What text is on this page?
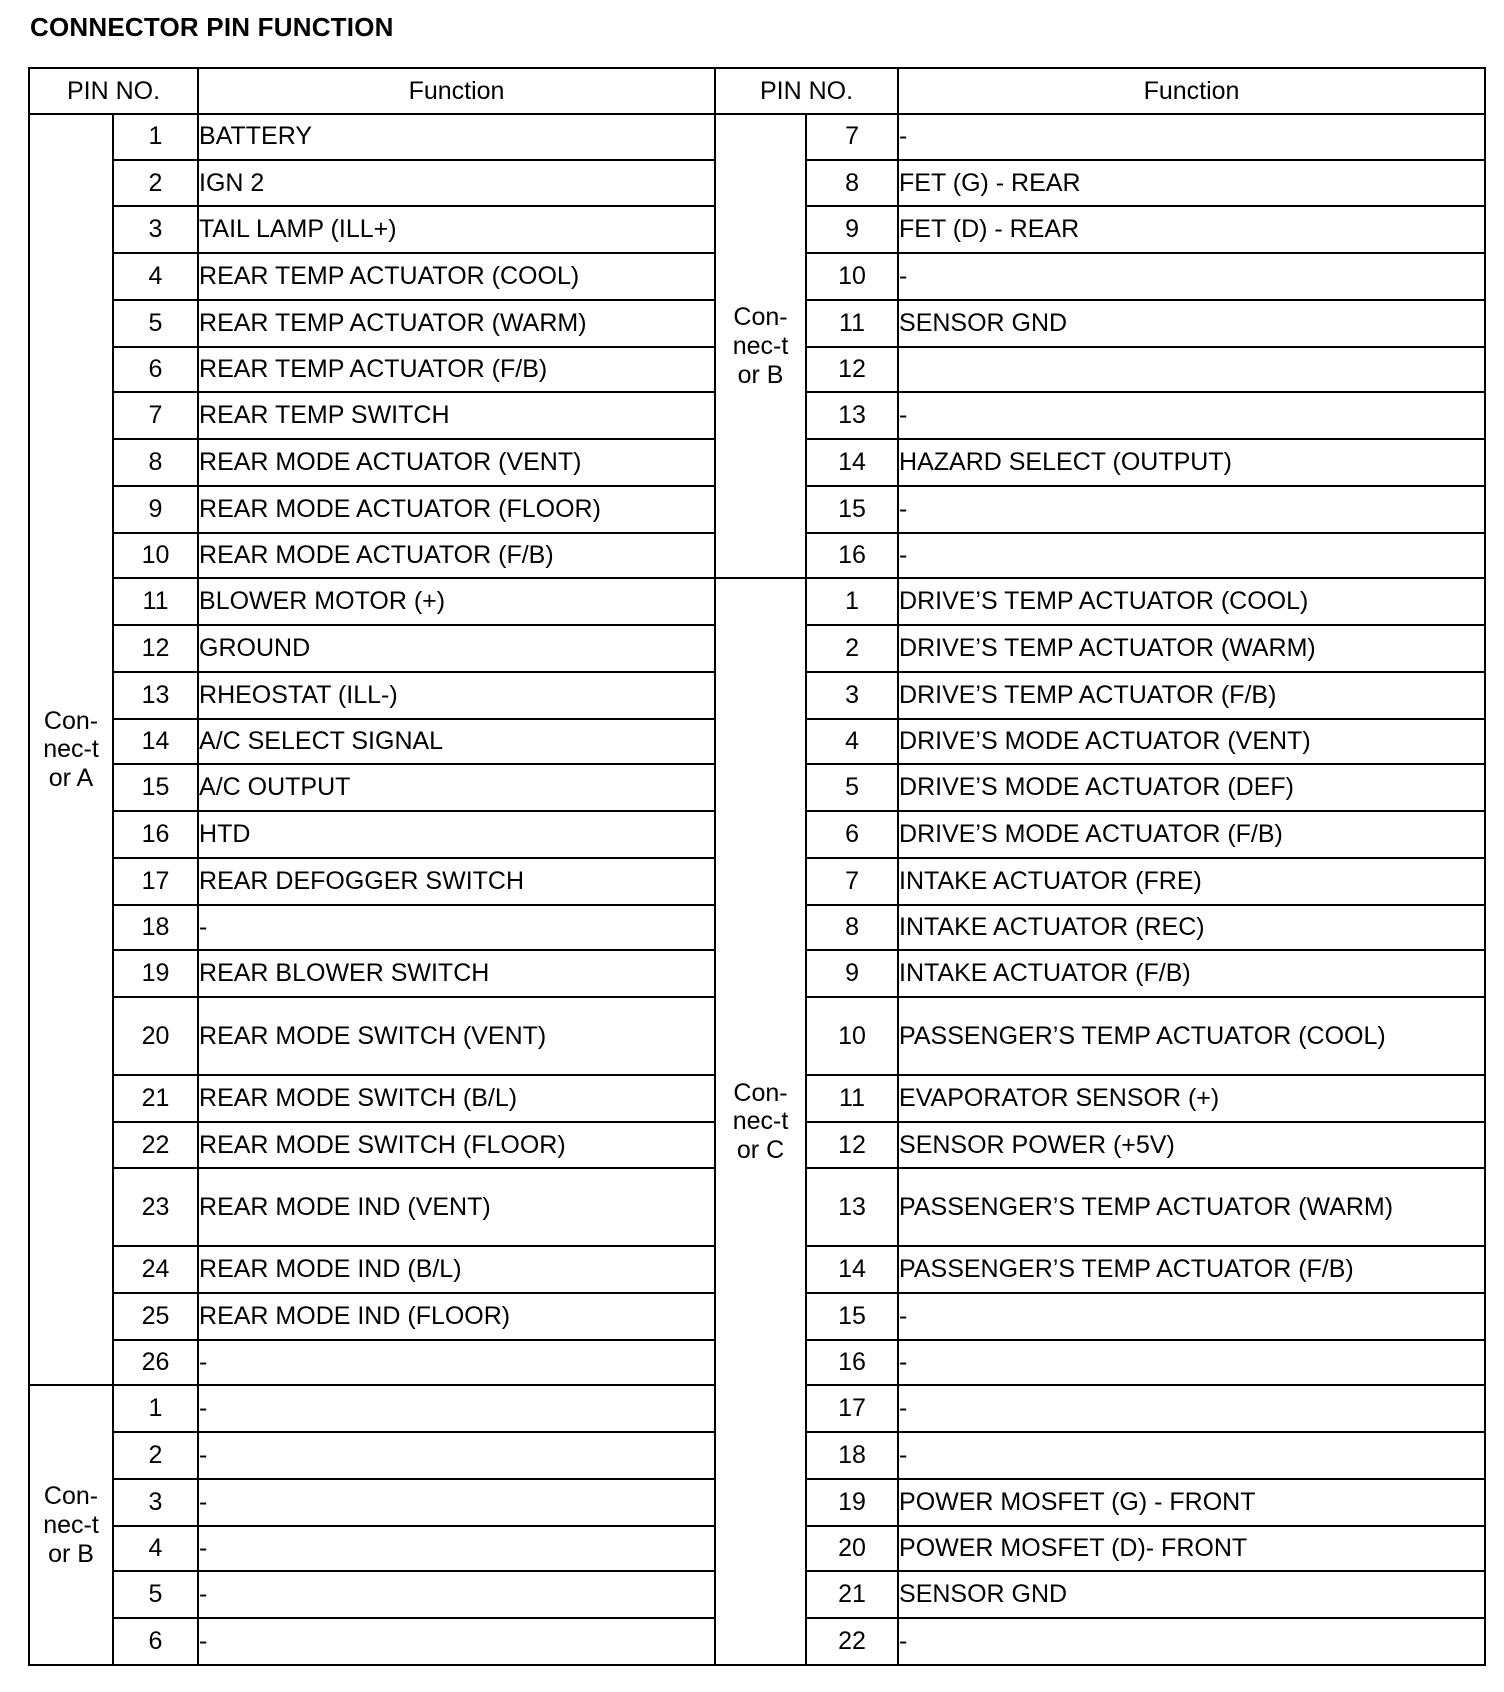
CONNECTOR PIN FUNCTION
PIN NO.		Function	PIN NO.		Function
Con-nec-tor A	1	BATTERY	Con-nec-tor B	7	-
	2	IGN 2		8	FET (G) - REAR
	3	TAIL LAMP (ILL+)		9	FET (D) - REAR
	4	REAR TEMP ACTUATOR (COOL)		10	-
	5	REAR TEMP ACTUATOR (WARM)		11	SENSOR GND
	6	REAR TEMP ACTUATOR (F/B)		12	
	7	REAR TEMP SWITCH		13	-
	8	REAR MODE ACTUATOR (VENT)		14	HAZARD SELECT (OUTPUT)
	9	REAR MODE ACTUATOR (FLOOR)		15	-
	10	REAR MODE ACTUATOR (F/B)		16	-
	11	BLOWER MOTOR (+)	Con-nec-tor C	1	DRIVE’S TEMP ACTUATOR (COOL)
	12	GROUND		2	DRIVE’S TEMP ACTUATOR (WARM)
	13	RHEOSTAT (ILL-)		3	DRIVE’S TEMP ACTUATOR (F/B)
	14	A/C SELECT SIGNAL		4	DRIVE’S MODE ACTUATOR (VENT)
	15	A/C OUTPUT		5	DRIVE’S MODE ACTUATOR (DEF)
	16	HTD		6	DRIVE’S MODE ACTUATOR (F/B)
	17	REAR DEFOGGER SWITCH		7	INTAKE ACTUATOR (FRE)
	18	-		8	INTAKE ACTUATOR (REC)
	19	REAR BLOWER SWITCH		9	INTAKE ACTUATOR (F/B)
	20	REAR MODE SWITCH (VENT)		10	PASSENGER’S TEMP ACTUATOR (COOL)
	21	REAR MODE SWITCH (B/L)		11	EVAPORATOR SENSOR (+)
	22	REAR MODE SWITCH (FLOOR)		12	SENSOR POWER (+5V)
	23	REAR MODE IND (VENT)		13	PASSENGER’S TEMP ACTUATOR (WARM)
	24	REAR MODE IND (B/L)		14	PASSENGER’S TEMP ACTUATOR (F/B)
	25	REAR MODE IND (FLOOR)		15	-
	26	-		16	-
Con-nec-tor B	1	-		17	-
	2	-		18	-
	3	-		19	POWER MOSFET (G) - FRONT
	4	-		20	POWER MOSFET (D)- FRONT
	5	-		21	SENSOR GND
	6	-		22	-
